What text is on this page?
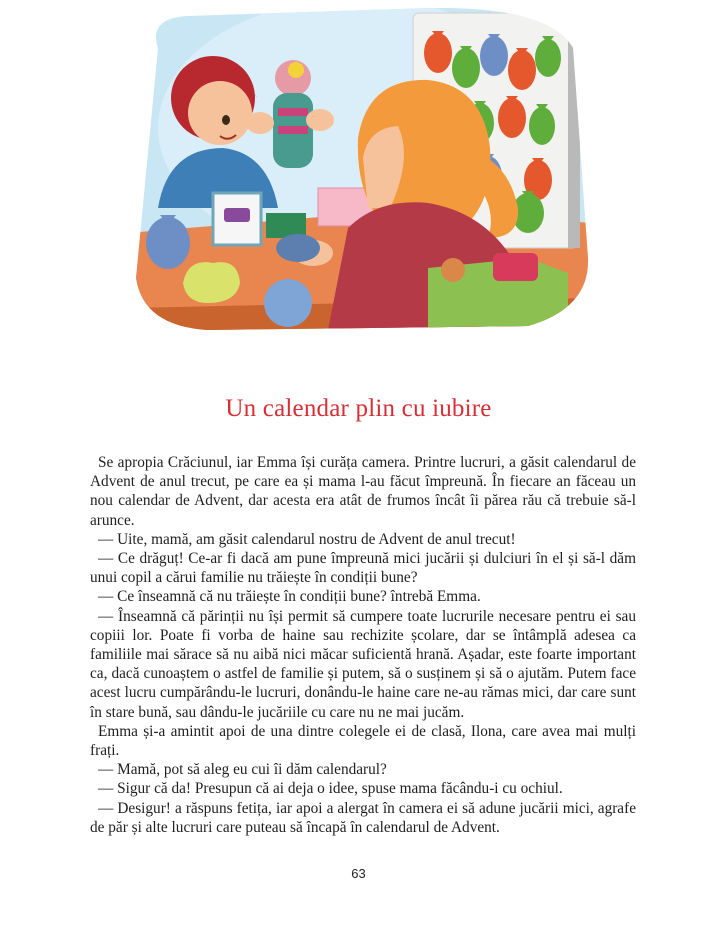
Un calendar plin cu iubire

Se apropia Crăciunul, iar Emma își curăța camera. Printre lucruri, a găsit calendarul de Advent de anul trecut, pe care ea și mama l-au făcut împreună. În fiecare an făceau un nou calendar de Advent, dar acesta era atât de frumos încât îi părea rău că trebuie să-l arunce.

— Uite, mamă, am găsit calendarul nostru de Advent de anul trecut!

— Ce drăguț! Ce-ar fi dacă am pune împreună mici jucării și dulciuri în el și să-l dăm unui copil a cărui familie nu trăiește în condiții bune?

— Ce înseamnă că nu trăiește în condiții bune? întrebă Emma.

— Înseamnă că părinții nu își permit să cumpere toate lucrurile necesare pentru ei sau copiii lor. Poate fi vorba de haine sau rechizite școlare, dar se întâmplă adesea ca familiile mai sărace să nu aibă nici măcar suficientă hrană. Așadar, este foarte important ca, dacă cunoaștem o astfel de familie și putem, să o susținem și să o ajutăm. Putem face acest lucru cumpărându-le lucruri, donându-le haine care ne-au rămas mici, dar care sunt în stare bună, sau dându-le jucăriile cu care nu ne mai jucăm.

Emma și-a amintit apoi de una dintre colegele ei de clasă, Ilona, care avea mai mulți frați.

— Mamă, pot să aleg eu cui îi dăm calendarul?

— Sigur că da! Presupun că ai deja o idee, spuse mama făcându-i cu ochiul.

— Desigur! a răspuns fetița, iar apoi a alergat în camera ei să adune jucării mici, agrafe de păr și alte lucruri care puteau să încapă în calendarul de Advent.

63
